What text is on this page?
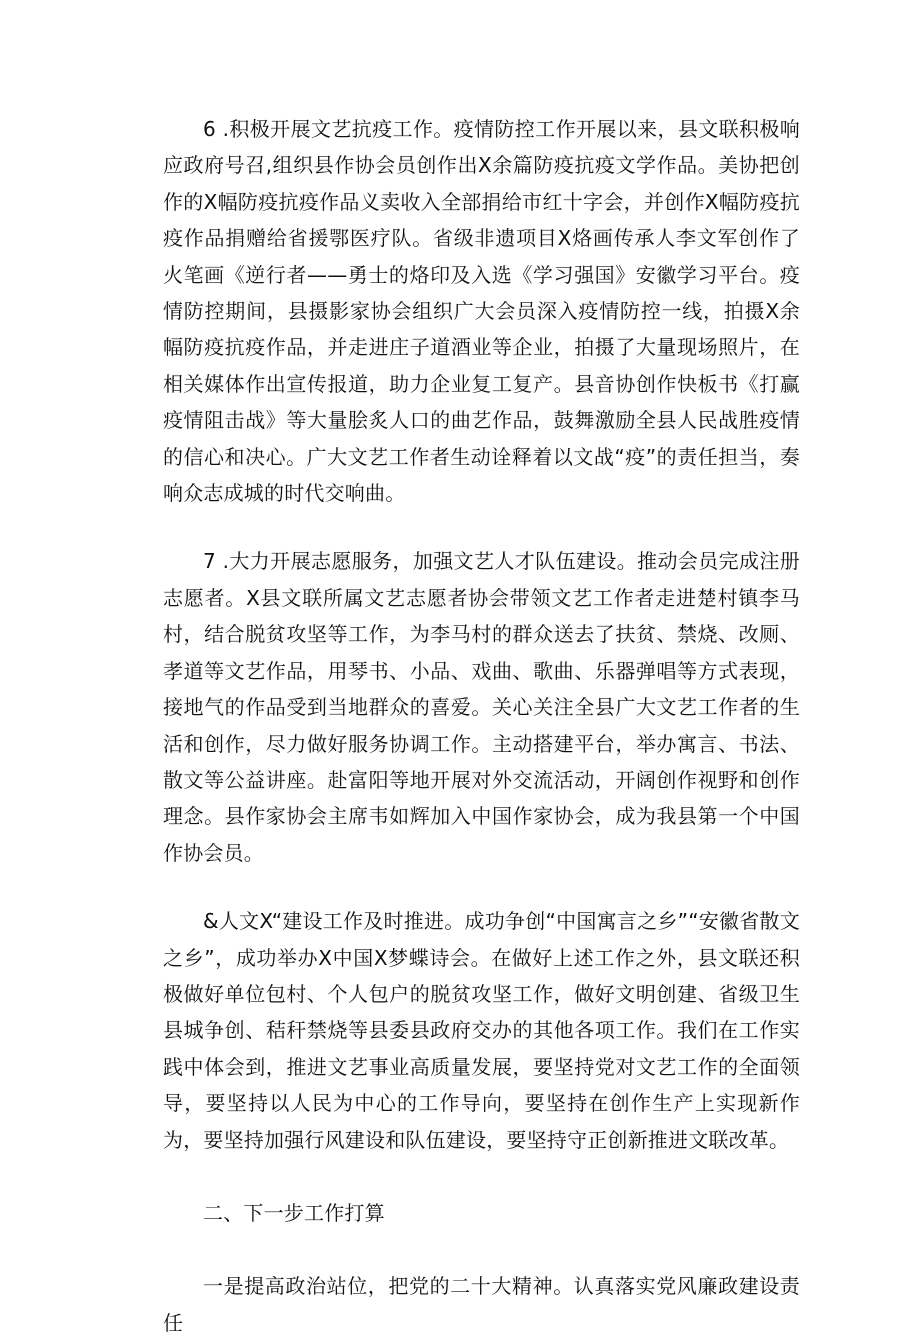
6 .积极开展文艺抗疫工作。疫情防控工作开展以来，县文联积极响应政府号召,组织县作协会员创作出X余篇防疫抗疫文学作品。美协把创作的X幅防疫抗疫作品义卖收入全部捐给市红十字会，并创作X幅防疫抗疫作品捐赠给省援鄂医疗队。省级非遗项目X烙画传承人李文军创作了火笔画《逆行者——勇士的烙印及入选《学习强国》安徽学习平台。疫情防控期间，县摄影家协会组织广大会员深入疫情防控一线，拍摄X余幅防疫抗疫作品，并走进庄子道酒业等企业，拍摄了大量现场照片，在相关媒体作出宣传报道，助力企业复工复产。县音协创作快板书《打赢疫情阻击战》等大量脍炙人口的曲艺作品，鼓舞激励全县人民战胜疫情的信心和决心。广大文艺工作者生动诠释着以文战“疫”的责任担当，奏响众志成城的时代交响曲。

7 .大力开展志愿服务，加强文艺人才队伍建设。推动会员完成注册志愿者。X县文联所属文艺志愿者协会带领文艺工作者走进楚村镇李马村，结合脱贫攻坚等工作，为李马村的群众送去了扶贫、禁烧、改厕、孝道等文艺作品，用琴书、小品、戏曲、歌曲、乐器弹唱等方式表现，接地气的作品受到当地群众的喜爱。关心关注全县广大文艺工作者的生活和创作，尽力做好服务协调工作。主动搭建平台，举办寓言、书法、散文等公益讲座。赴富阳等地开展对外交流活动，开阔创作视野和创作理念。县作家协会主席韦如辉加入中国作家协会，成为我县第一个中国作协会员。

&人文X“建设工作及时推进。成功争创“中国寓言之乡”“安徽省散文之乡”，成功举办X中国X梦蝶诗会。在做好上述工作之外，县文联还积极做好单位包村、个人包户的脱贫攻坚工作，做好文明创建、省级卫生县城争创、秸秆禁烧等县委县政府交办的其他各项工作。我们在工作实践中体会到，推进文艺事业高质量发展，要坚持党对文艺工作的全面领导，要坚持以人民为中心的工作导向，要坚持在创作生产上实现新作为，要坚持加强行风建设和队伍建设，要坚持守正创新推进文联改革。

二、下一步工作打算

一是提高政治站位，把党的二十大精神。认真落实党风廉政建设责任
